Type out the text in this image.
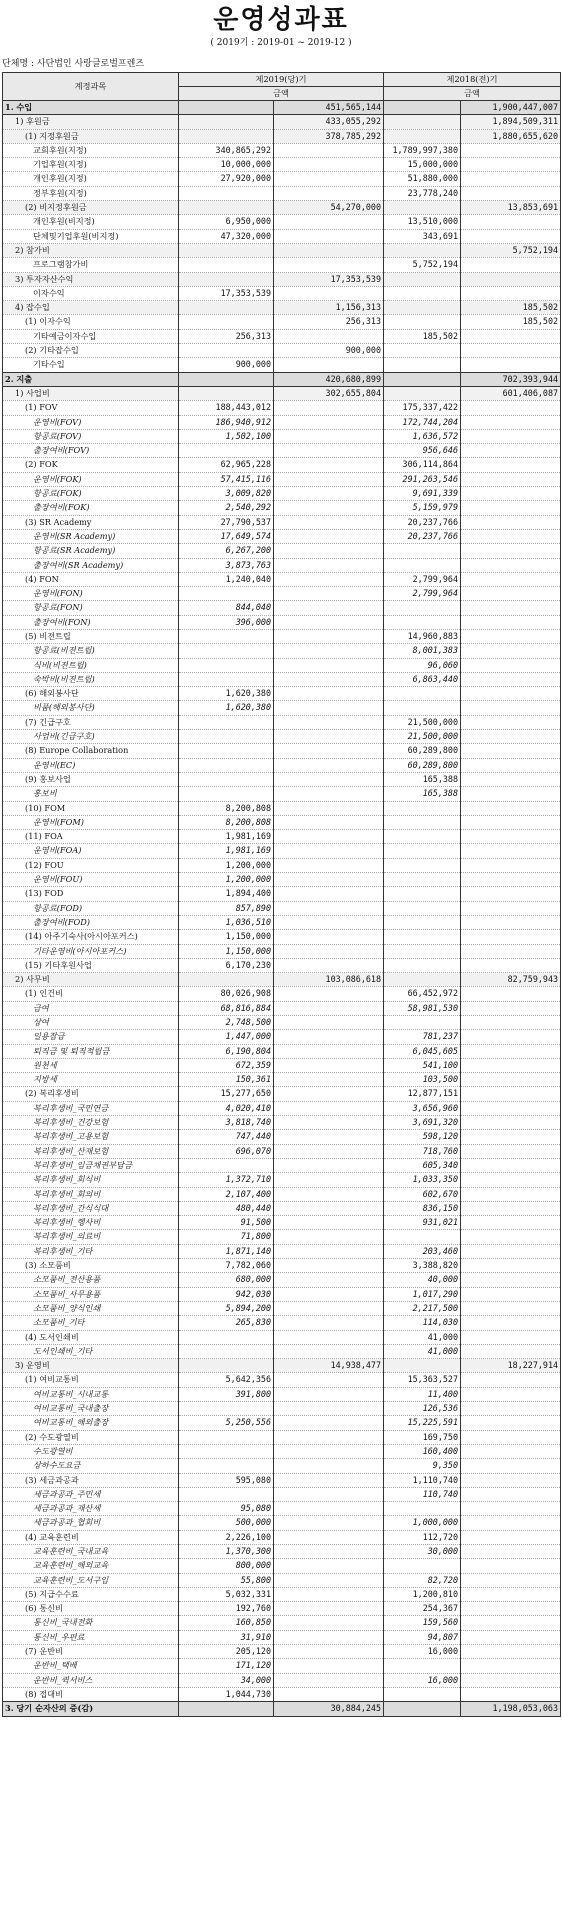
운영성과표

( 2019기 : 2019-01 ~ 2019-12 )

단체명 : 사단법인 사랑글로벌프렌즈

계정과목	제2019(당)기		제2018(전)기	
	금액		금액	
1. 수입		451,565,144		1,900,447,007
1) 후원금		433,055,292		1,894,509,311
(1) 지정후원금		378,785,292		1,880,655,620
교회후원(지정)	340,865,292		1,789,997,380	
기업후원(지정)	10,000,000		15,000,000	
개인후원(지정)	27,920,000		51,880,000	
정부후원(지정)			23,778,240	
(2) 비지정후원금		54,270,000		13,853,691
개인후원(비지정)	6,950,000		13,510,000	
단체및기업후원(비지정)	47,320,000		343,691	
2) 참가비				5,752,194
프로그램참가비			5,752,194	
3) 투자자산수익		17,353,539		
이자수익	17,353,539			
4) 잡수입		1,156,313		185,502
(1) 이자수익		256,313		185,502
기타예금이자수입	256,313		185,502	
(2) 기타잡수입		900,000		
기타수입	900,000			
2. 지출		420,680,899		702,393,944
1) 사업비		302,655,804		601,406,087
(1) FOV	188,443,012		175,337,422	
운영비(FOV)	186,940,912		172,744,204	
항공료(FOV)	1,502,100		1,636,572	
출장여비(FOV)			956,646	
(2) FOK	62,965,228		306,114,864	
운영비(FOK)	57,415,116		291,263,546	
항공료(FOK)	3,009,820		9,691,339	
출장여비(FOK)	2,540,292		5,159,979	
(3) SR Academy	27,790,537		20,237,766	
운영비(SR Academy)	17,649,574		20,237,766	
항공료(SR Academy)	6,267,200			
출장여비(SR Academy)	3,873,763			
(4) FON	1,240,040		2,799,964	
운영비(FON)			2,799,964	
항공료(FON)	844,040			
출장여비(FON)	396,000			
(5) 비젼트립			14,960,883	
항공료(비젼트립)			8,001,383	
식비(비젼트립)			96,060	
숙박비(비젼트립)			6,863,440	
(6) 해외봉사단	1,620,380			
비품(해외봉사단)	1,620,380			
(7) 긴급구호			21,500,000	
사업비(긴급구호)			21,500,000	
(8) Europe Collaboration			60,289,800	
운영비(EC)			60,289,800	
(9) 홍보사업			165,388	
홍보비			165,388	
(10) FOM	8,200,808			
운영비(FOM)	8,200,808			
(11) FOA	1,981,169			
운영비(FOA)	1,981,169			
(12) FOU	1,200,000			
운영비(FOU)	1,200,000			
(13) FOD	1,894,400			
항공료(FOD)	857,890			
출장여비(FOD)	1,036,510			
(14) 아주기숙사(아시아포커스)	1,150,000			
기타운영비(아시아포커스)	1,150,000			
(15) 기타후원사업	6,170,230			
2) 사무비		103,086,618		82,759,943
(1) 인건비	80,026,908		66,452,972	
급여	68,816,884		58,981,530	
상여	2,748,500			
일용잡급	1,447,000		781,237	
퇴직금 및 퇴직적립금	6,190,804		6,045,605	
원천세	672,359		541,100	
지방세	150,361		103,500	
(2) 복리후생비	15,277,650		12,877,151	
복리후생비_국민연금	4,020,410		3,656,960	
복리후생비_건강보험	3,818,740		3,691,320	
복리후생비_고용보험	747,440		598,120	
복리후생비_산재보험	696,070		718,760	
복리후생비_임금채권부담금			605,340	
복리후생비_회식비	1,372,710		1,033,350	
복리후생비_회의비	2,107,400		602,670	
복리후생비_간식식대	480,440		836,150	
복리후생비_행사비	91,500		931,021	
복리후생비_의료비	71,800			
복리후생비_기타	1,871,140		203,460	
(3) 소모품비	7,782,060		3,388,820	
소모품비_전산용품	680,000		40,000	
소모품비_사무용품	942,030		1,017,290	
소모품비_양식인쇄	5,894,200		2,217,500	
소모품비_기타	265,830		114,030	
(4) 도서인쇄비			41,000	
도서인쇄비_기타			41,000	
3) 운영비		14,938,477		18,227,914
(1) 여비교통비	5,642,356		15,363,527	
여비교통비_시내교통	391,800		11,400	
여비교통비_국내출장			126,536	
여비교통비_해외출장	5,250,556		15,225,591	
(2) 수도광열비			169,750	
수도광열비			160,400	
상하수도요금			9,350	
(3) 세금과공과	595,080		1,110,740	
세금과공과_주민세			110,740	
세금과공과_재산세	95,080			
세금과공과_협회비	500,000		1,000,000	
(4) 교육훈련비	2,226,100		112,720	
교육훈련비_국내교육	1,370,300		30,000	
교육훈련비_해외교육	800,000			
교육훈련비_도서구입	55,800		82,720	
(5) 지급수수료	5,032,331		1,200,810	
(6) 통신비	192,760		254,367	
통신비_국내전화	160,850		159,560	
통신비_우편료	31,910		94,807	
(7) 운반비	205,120		16,000	
운반비_택배	171,120			
운반비_퀵서비스	34,000		16,000	
(8) 접대비	1,044,730			
3. 당기 순자산의 증(감)		30,884,245		1,198,053,063
